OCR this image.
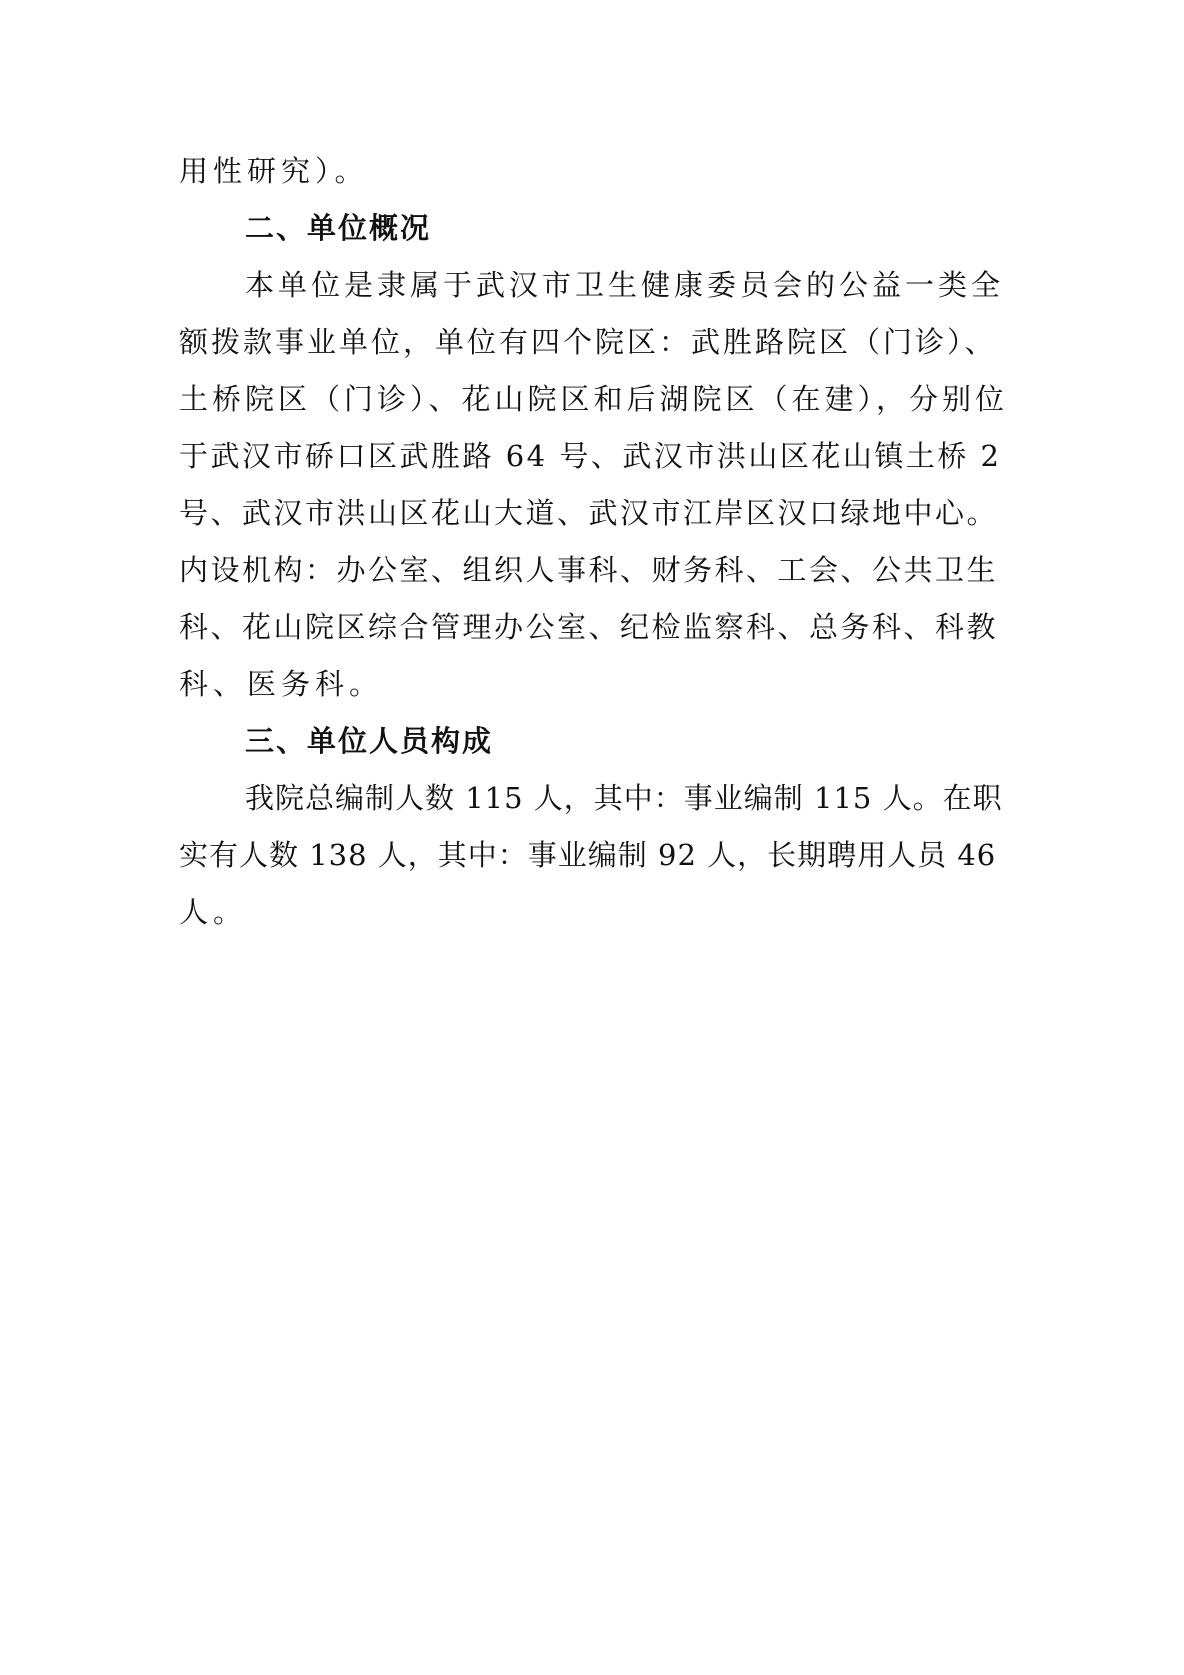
用性研究）。
二、单位概况
本单位是隶属于武汉市卫生健康委员会的公益一类全
额拨款事业单位，单位有四个院区：武胜路院区（门诊）、
土桥院区（门诊）、花山院区和后湖院区（在建），分别位
于武汉市硚口区武胜路 64 号、武汉市洪山区花山镇土桥 2
号、武汉市洪山区花山大道、武汉市江岸区汉口绿地中心。
内设机构：办公室、组织人事科、财务科、工会、公共卫生
科、花山院区综合管理办公室、纪检监察科、总务科、科教
科、医务科。
三、单位人员构成
我院总编制人数 115 人，其中：事业编制 115 人。在职
实有人数 138 人，其中：事业编制 92 人，长期聘用人员 46
人。
